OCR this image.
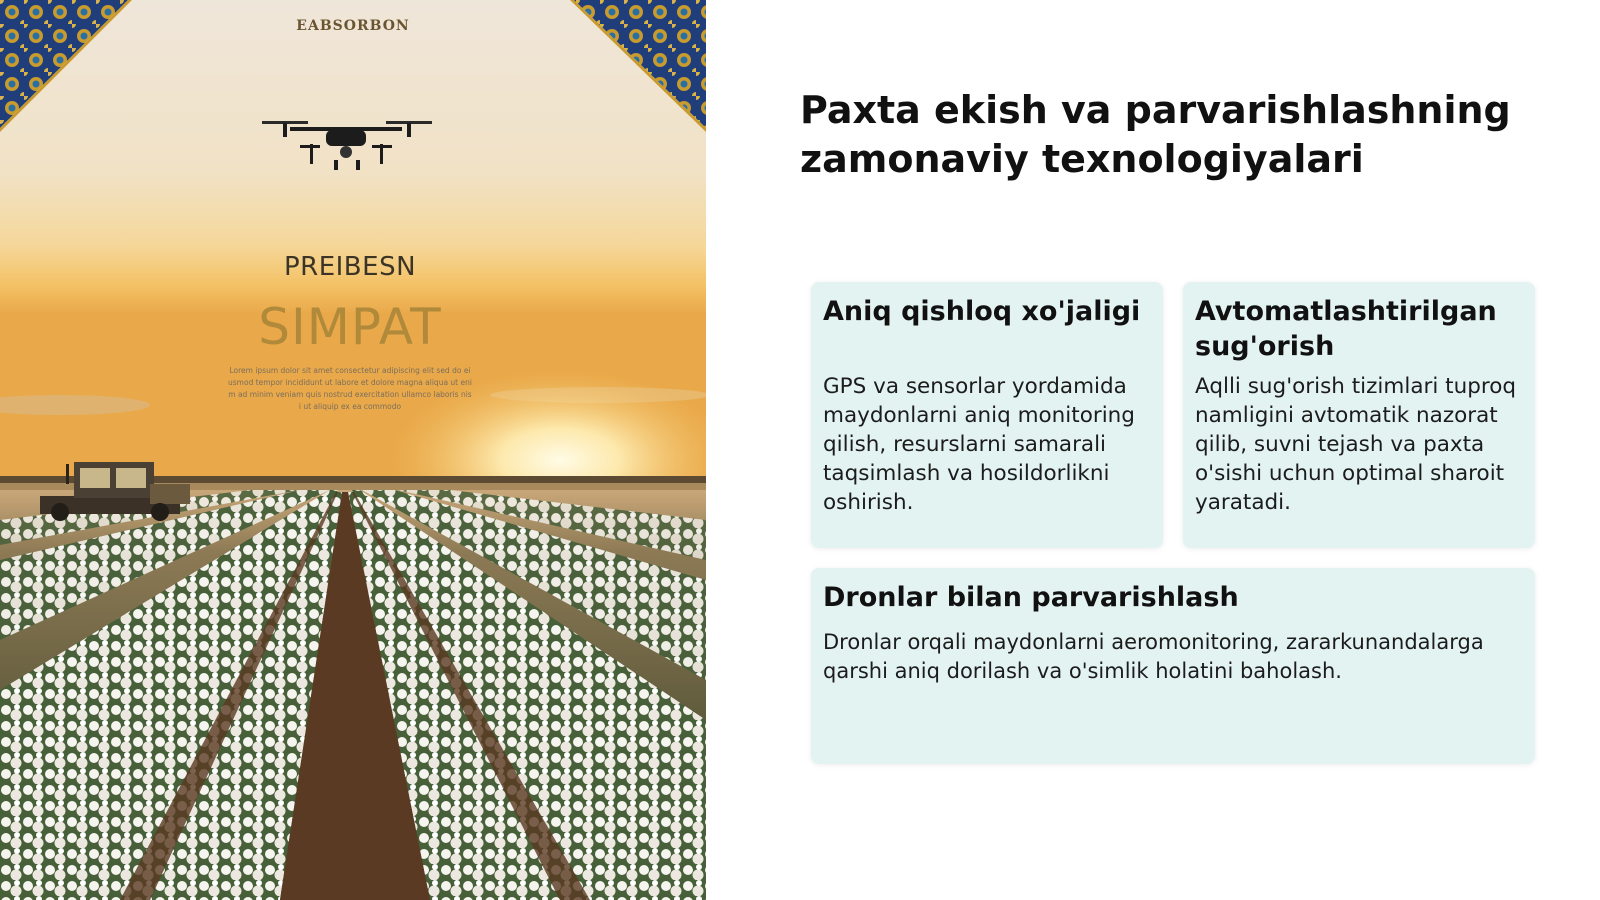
EABSORBON
PREIBESN
SIMPAT
Lorem ipsum dolor sit amet consectetur adipiscing elit sed do eiusmod tempor incididunt ut labore et dolore magna aliqua ut enim ad minim veniam quis nostrud exercitation ullamco laboris nisi ut aliquip ex ea commodo
Paxta ekish va parvarishlashning zamonaviy texnologiyalari
Aniq qishloq xo'jaligi

GPS va sensorlar yordamida maydonlarni aniq monitoring qilish, resurslarni samarali taqsimlash va hosildorlikni oshirish.

Avtomatlashtirilgan sug'orish

Aqlli sug'orish tizimlari tuproq namligini avtomatik nazorat qilib, suvni tejash va paxta o'sishi uchun optimal sharoit yaratadi.

Dronlar bilan parvarishlash

Dronlar orqali maydonlarni aeromonitoring, zararkunandalarga qarshi aniq dorilash va o'simlik holatini baholash.
